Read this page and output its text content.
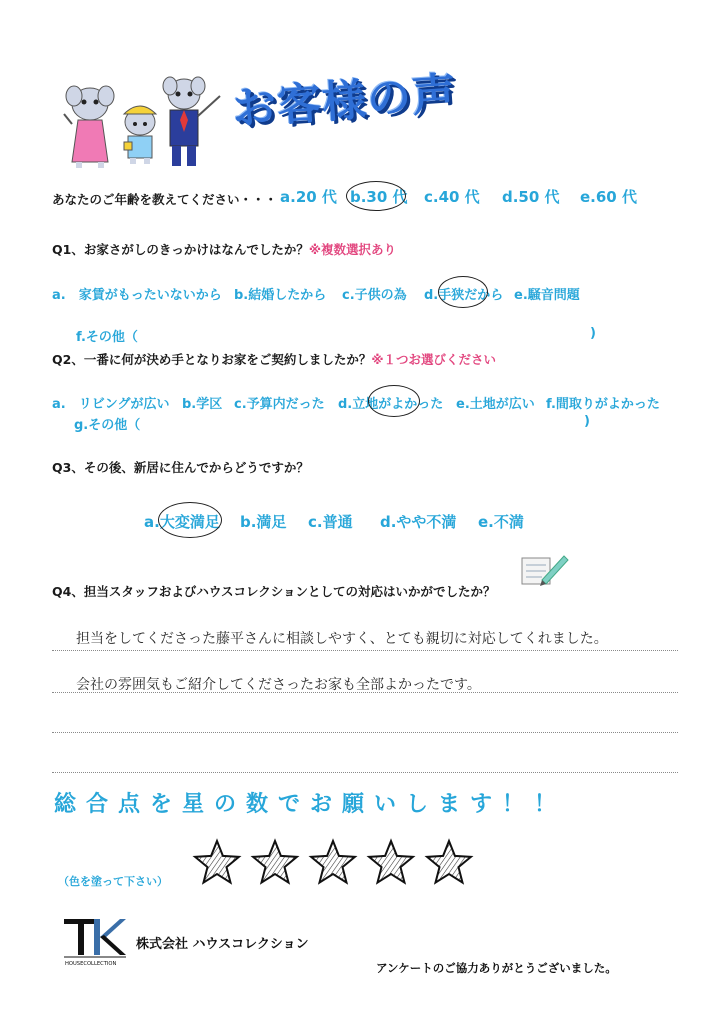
お客様の声
あなたのご年齢を教えてください・・・ a.20 代 b.30 代 c.40 代 d.50 代 e.60 代
Q1、お家さがしのきっかけはなんでしたか？※複数選択あり
a.　家賃がもったいないから b.結婚したから c.子供の為 d.手狭だから e.騒音問題
f.その他（	)
Q2、一番に何が決め手となりお家をご契約しましたか？※１つお選びください
a.　リビングが広い b.学区 c.予算内だった d.立地がよかった e.土地が広い f.間取りがよかった
g.その他（	)
Q3、その後、新居に住んでからどうですか？
a.大変満足 b.満足 c.普通 d.やや不満 e.不満
Q4、担当スタッフおよびハウスコレクションとしての対応はいかがでしたか？
担当をしてくださった藤平さんに相談しやすく、とても親切に対応してくれました。
会社の雰囲気もご紹介してくださったお家も全部よかったです。
総合点を星の数でお願いします！！
（色を塗って下さい）
HOUSECOLLECTION
株式会社 ハウスコレクション
アンケートのご協力ありがとうございました。
